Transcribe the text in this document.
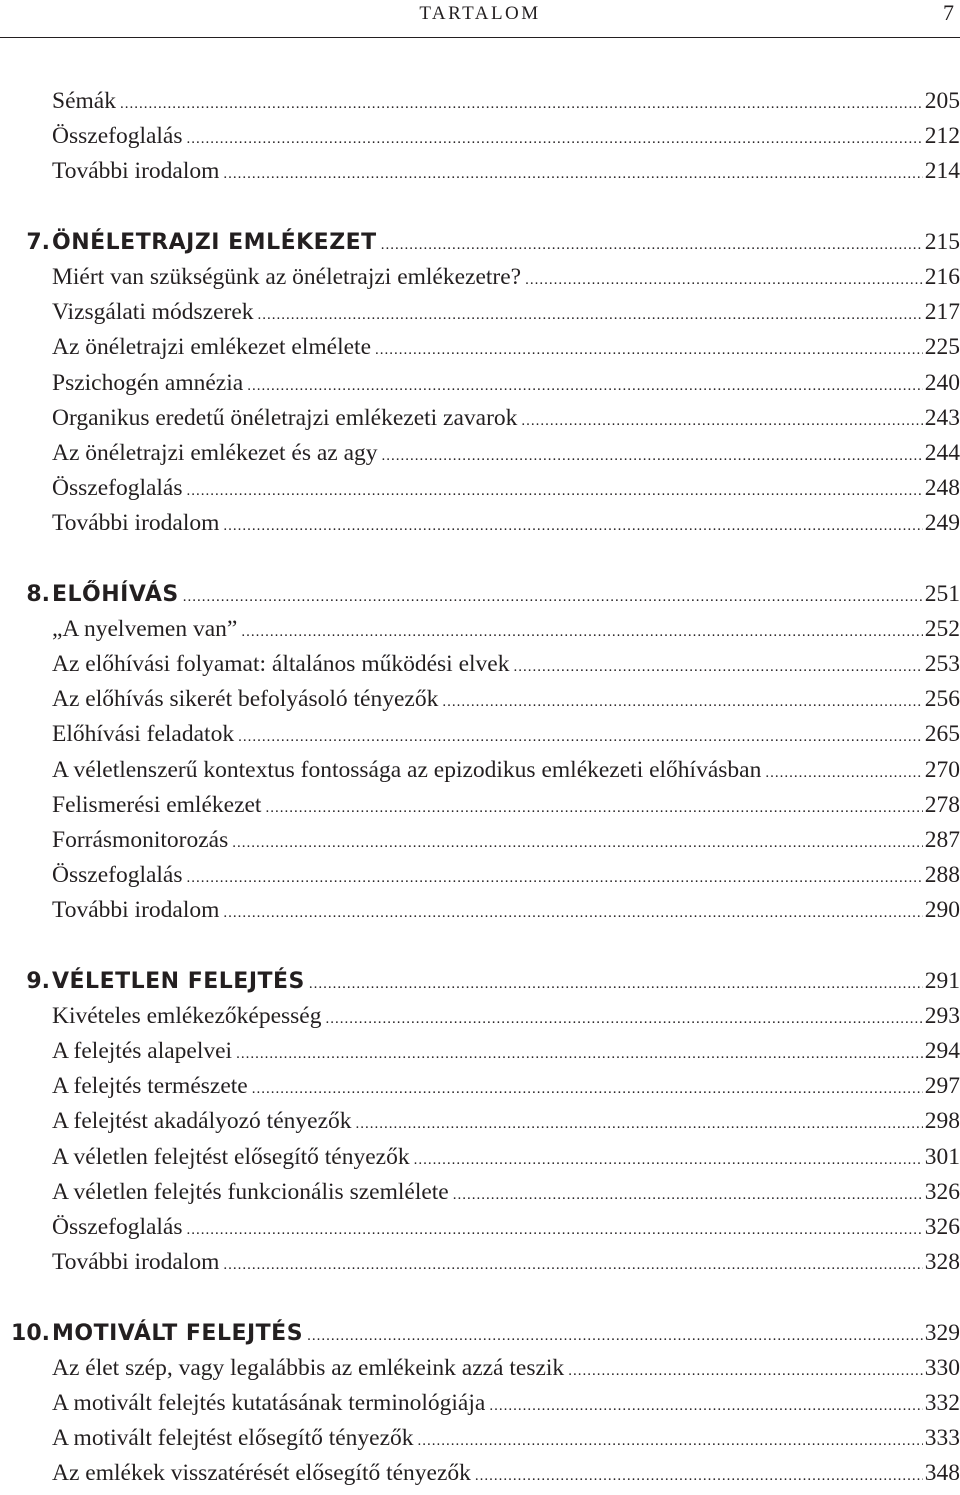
TARTALOM	7
Sémák .....	205
Összefoglalás .....	212
További irodalom .....	214
7. ÖNÉLETRAJZI EMLÉKEZET .....	215
Miért van szükségünk az önéletrajzi emlékezetre? .....	216
Vizsgálati módszerek .....	217
Az önéletrajzi emlékezet elmélete .....	225
Pszichogén amnézia .....	240
Organikus eredetű önéletrajzi emlékezeti zavarok .....	243
Az önéletrajzi emlékezet és az agy .....	244
Összefoglalás .....	248
További irodalom .....	249
8. ELŐHÍVÁS .....	251
„A nyelvemen van” .....	252
Az előhívási folyamat: általános működési elvek .....	253
Az előhívás sikerét befolyásoló tényezők .....	256
Előhívási feladatok .....	265
A véletlenszerű kontextus fontossága az epizodikus emlékezeti előhívásban .....	270
Felismerési emlékezet .....	278
Forrásmonitorozás .....	287
Összefoglalás .....	288
További irodalom .....	290
9. VÉLETLEN FELEJTÉS .....	291
Kivételes emlékezőképesség .....	293
A felejtés alapelvei .....	294
A felejtés természete .....	297
A felejtést akadályozó tényezők .....	298
A véletlen felejtést elősegítő tényezők .....	301
A véletlen felejtés funkcionális szemlélete .....	326
Összefoglalás .....	326
További irodalom .....	328
10. MOTIVÁLT FELEJTÉS .....	329
Az élet szép, vagy legalábbis az emlékeink azzá teszik .....	330
A motivált felejtés kutatásának terminológiája .....	332
A motivált felejtést elősegítő tényezők .....	333
Az emlékek visszatérését elősegítő tényezők .....	348
